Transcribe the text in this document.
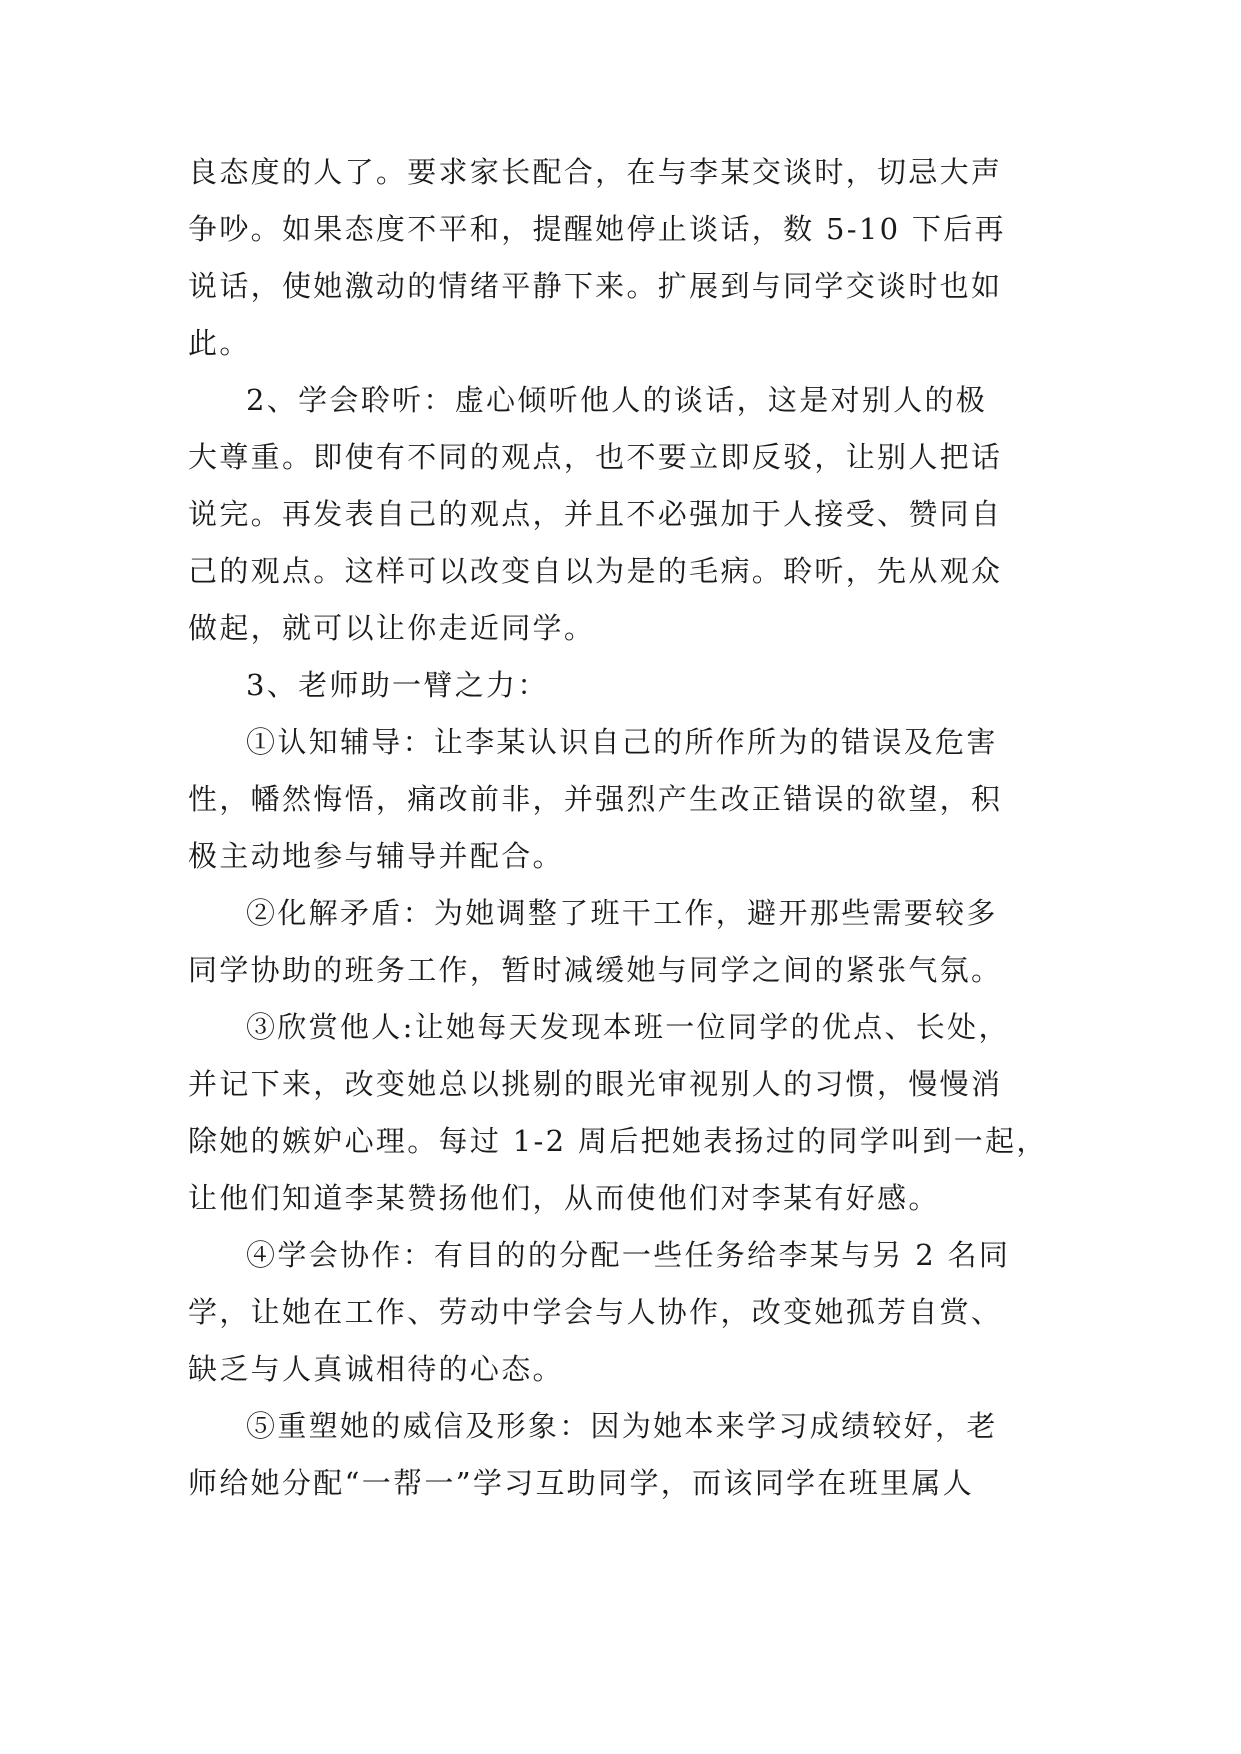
良态度的人了。要求家长配合，在与李某交谈时，切忌大声
争吵。如果态度不平和，提醒她停止谈话，数 5-10 下后再
说话，使她激动的情绪平静下来。扩展到与同学交谈时也如
此。
2、学会聆听：虚心倾听他人的谈话，这是对别人的极
大尊重。即使有不同的观点，也不要立即反驳，让别人把话
说完。再发表自己的观点，并且不必强加于人接受、赞同自
己的观点。这样可以改变自以为是的毛病。聆听，先从观众
做起，就可以让你走近同学。
3、老师助一臂之力：
①认知辅导：让李某认识自己的所作所为的错误及危害
性，幡然悔悟，痛改前非，并强烈产生改正错误的欲望，积
极主动地参与辅导并配合。
②化解矛盾：为她调整了班干工作，避开那些需要较多
同学协助的班务工作，暂时减缓她与同学之间的紧张气氛。
③欣赏他人:让她每天发现本班一位同学的优点、长处，
并记下来，改变她总以挑剔的眼光审视别人的习惯，慢慢消
除她的嫉妒心理。每过 1-2 周后把她表扬过的同学叫到一起，
让他们知道李某赞扬他们，从而使他们对李某有好感。
④学会协作：有目的的分配一些任务给李某与另 2 名同
学，让她在工作、劳动中学会与人协作，改变她孤芳自赏、
缺乏与人真诚相待的心态。
⑤重塑她的威信及形象：因为她本来学习成绩较好，老
师给她分配“一帮一”学习互助同学，而该同学在班里属人
